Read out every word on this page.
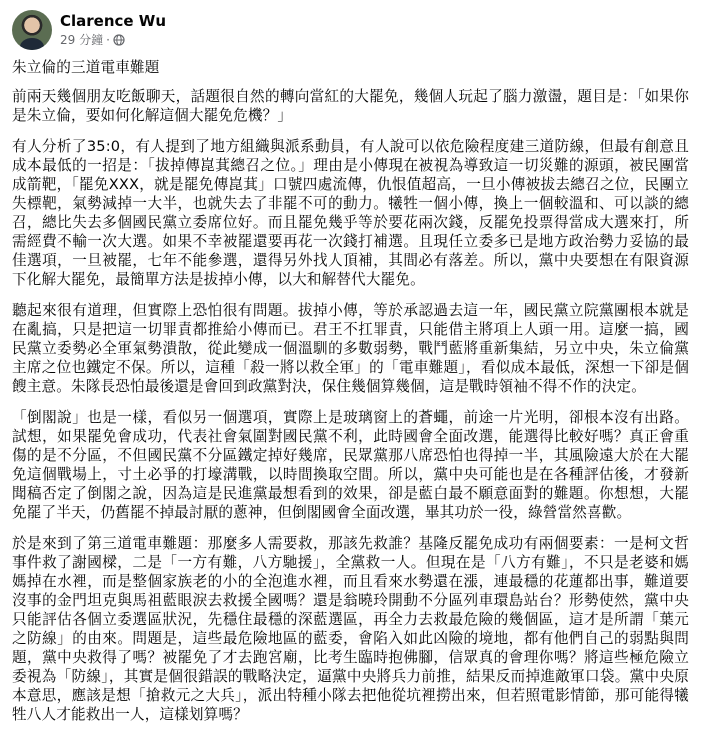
Clarence Wu
29 分鐘 ·

朱立倫的三道電車難題

前兩天幾個朋友吃飯聊天，話題很自然的轉向當紅的大罷免，幾個人玩起了腦力激盪，題目是：「如果你是朱立倫，要如何化解這個大罷免危機？」

有人分析了35:0，有人提到了地方組織與派系動員，有人說可以依危險程度建三道防線，但最有創意且成本最低的一招是：「拔掉傳崑萁總召之位。」理由是小傳現在被視為導致這一切災難的源頭，被民團當成箭靶，「罷免XXX，就是罷免傳崑萁」口號四處流傳，仇恨值超高，一旦小傳被拔去總召之位，民團立失標靶，氣勢減掉一大半，也就失去了非罷不可的動力。犧牲一個小傳，換上一個較溫和、可以談的總召，總比失去多個國民黨立委席位好。而且罷免幾乎等於要花兩次錢，反罷免投票得當成大選來打，所需經費不輸一次大選。如果不幸被罷還要再花一次錢打補選。且現任立委多已是地方政治勢力妥協的最佳選項，一旦被罷，七年不能參選，還得另外找人頂補，其間必有落差。所以，黨中央要想在有限資源下化解大罷免，最簡單方法是拔掉小傳，以大和解替代大罷免。

聽起來很有道理，但實際上恐怕很有問題。拔掉小傳，等於承認過去這一年，國民黨立院黨團根本就是在亂搞，只是把這一切罪責都推給小傳而已。君王不扛罪責，只能借主將項上人頭一用。這麼一搞，國民黨立委勢必全軍氣勢潰散，從此變成一個溫馴的多數弱勢，戰鬥藍將重新集結，另立中央，朱立倫黨主席之位也鐵定不保。所以，這種「殺一將以救全軍」的「電車難題」，看似成本最低，深想一下卻是個餿主意。朱隊長恐怕最後還是會回到政黨對決，保住幾個算幾個，這是戰時領袖不得不作的決定。

「倒閣說」也是一樣，看似另一個選項，實際上是玻璃窗上的蒼蠅，前途一片光明，卻根本沒有出路。試想，如果罷免會成功，代表社會氣圍對國民黨不利，此時國會全面改選，能選得比較好嗎？真正會重傷的是不分區，不但國民黨不分區鐵定掉好幾席，民眾黨那八席恐怕也得掉一半，其風險遠大於在大罷免這個戰場上，寸土必爭的打壕溝戰，以時間換取空間。所以，黨中央可能也是在各種評估後，才發新聞稿否定了倒閣之說，因為這是民進黨最想看到的效果，卻是藍白最不願意面對的難題。你想想，大罷免罷了半天，仍舊罷不掉最討厭的蔥神，但倒閣國會全面改選，畢其功於一役，綠營當然喜歡。

於是來到了第三道電車難題：那麼多人需要救，那該先救誰？基隆反罷免成功有兩個要素：一是柯文哲事件救了謝國樑，二是「一方有難，八方馳援」，全黨救一人。但現在是「八方有難」，不只是老婆和媽媽掉在水裡，而是整個家族老的小的全泡進水裡，而且看來水勢還在漲，連最穩的花蓮都出事，難道要沒事的金門坦克與馬祖藍眼淚去救援全國嗎？還是翁曉玲開動不分區列車環島站台？形勢使然，黨中央只能評估各個立委選區狀況，先穩住最穩的深藍選區，再全力去救最危險的幾個區，這才是所謂「葉元之防線」的由來。問題是，這些最危險地區的藍委，會陷入如此凶險的境地，都有他們自己的弱點與問題，黨中央救得了嗎？被罷免了才去跑宮廟，比考生臨時抱佛腳，信眾真的會理你嗎？將這些極危險立委視為「防線」，其實是個很錯誤的戰略決定，逼黨中央將兵力前推，結果反而掉進敵軍口袋。黨中央原本意思，應該是想「搶救元之大兵」，派出特種小隊去把他從坑裡撈出來，但若照電影情節，那可能得犧牲八人才能救出一人，這樣划算嗎？
